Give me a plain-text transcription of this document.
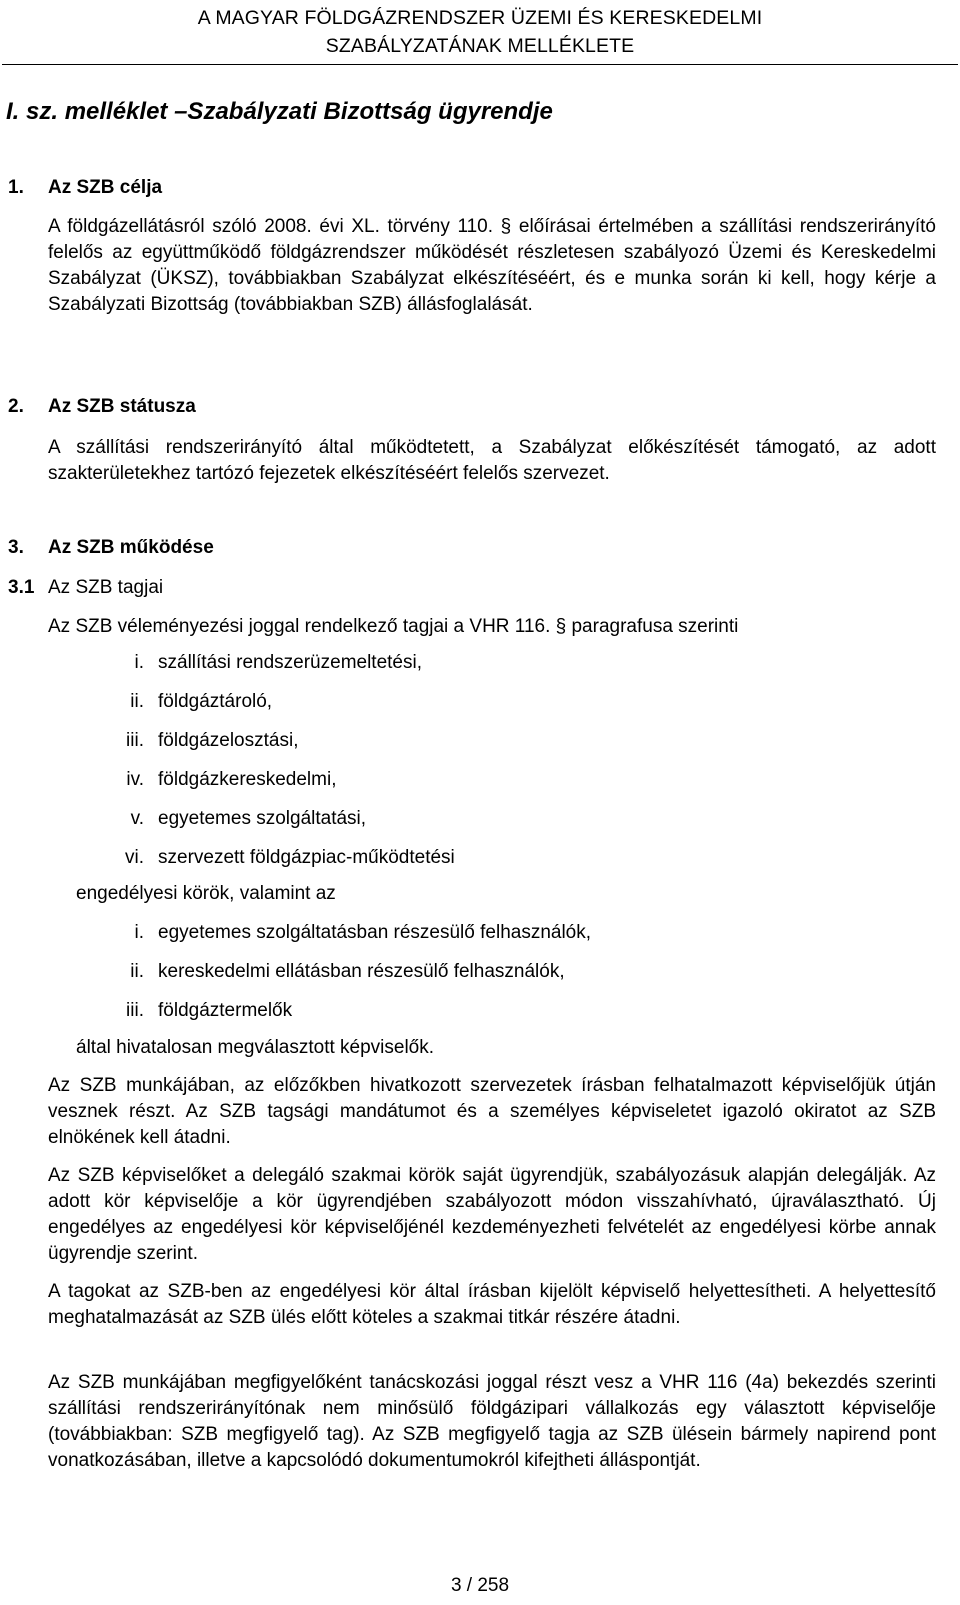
A MAGYAR FÖLDGÁZRENDSZER ÜZEMI ÉS KERESKEDELMI
SZABÁLYZATÁNAK MELLÉKLETE
I. sz. melléklet –Szabályzati Bizottság ügyrendje
1. Az SZB célja

A földgázellátásról szóló 2008. évi XL. törvény 110. § előírásai értelmében a szállítási rendszerirányító felelős az együttműködő földgázrendszer működését részletesen szabályozó Üzemi és Kereskedelmi Szabályzat (ÜKSZ), továbbiakban Szabályzat elkészítéséért, és e munka során ki kell, hogy kérje a Szabályzati Bizottság (továbbiakban SZB) állásfoglalását.

2. Az SZB státusza

A szállítási rendszerirányító által működtetett, a Szabályzat előkészítését támogató, az adott szakterületekhez tartózó fejezetek elkészítéséért felelős szervezet.

3. Az SZB működése
3.1 Az SZB tagjai
Az SZB véleményezési joggal rendelkező tagjai a VHR 116. § paragrafusa szerinti
i. szállítási rendszerüzemeltetési,
ii. földgáztároló,
iii. földgázelosztási,
iv. földgázkereskedelmi,
v. egyetemes szolgáltatási,
vi. szervezett földgázpiac-működtetési
engedélyesi körök, valamint az
i. egyetemes szolgáltatásban részesülő felhasználók,
ii. kereskedelmi ellátásban részesülő felhasználók,
iii. földgáztermelők
által hivatalosan megválasztott képviselők.

Az SZB munkájában, az előzőkben hivatkozott szervezetek írásban felhatalmazott képviselőjük útján vesznek részt. Az SZB tagsági mandátumot és a személyes képviseletet igazoló okiratot az SZB elnökének kell átadni.

Az SZB képviselőket a delegáló szakmai körök saját ügyrendjük, szabályozásuk alapján delegálják. Az adott kör képviselője a kör ügyrendjében szabályozott módon visszahívható, újraválasztható. Új engedélyes az engedélyesi kör képviselőjénél kezdeményezheti felvételét az engedélyesi körbe annak ügyrendje szerint.

A tagokat az SZB-ben az engedélyesi kör által írásban kijelölt képviselő helyettesítheti. A helyettesítő meghatalmazását az SZB ülés előtt köteles a szakmai titkár részére átadni.

Az SZB munkájában megfigyelőként tanácskozási joggal részt vesz a VHR 116 (4a) bekezdés szerinti szállítási rendszerirányítónak nem minősülő földgázipari vállalkozás egy választott képviselője (továbbiakban: SZB megfigyelő tag). Az SZB megfigyelő tagja az SZB ülésein bármely napirend pont vonatkozásában, illetve a kapcsolódó dokumentumokról kifejtheti álláspontját.

3 / 258
